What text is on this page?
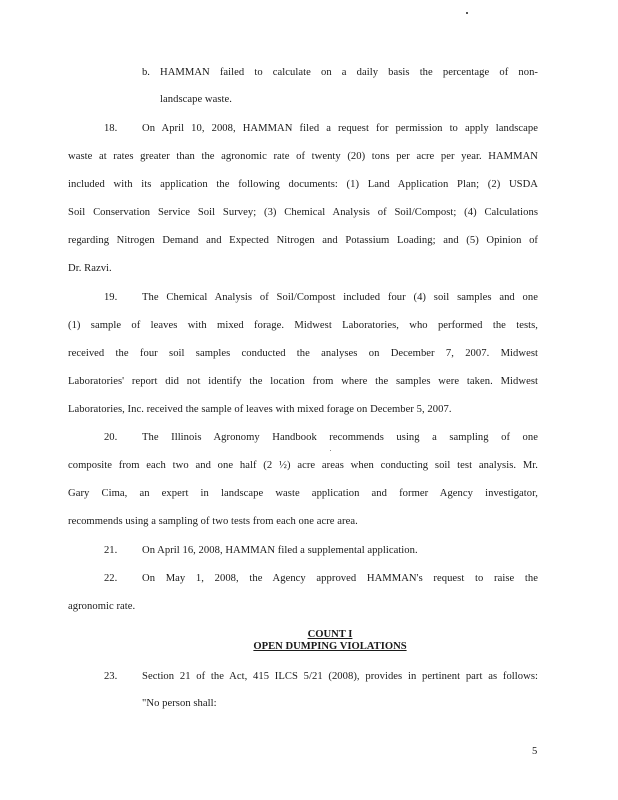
b. HAMMAN failed to calculate on a daily basis the percentage of non-
landscape waste.
18. On April 10, 2008, HAMMAN filed a request for permission to apply landscape
waste at rates greater than the agronomic rate of twenty (20) tons per acre per year. HAMMAN
included with its application the following documents: (1) Land Application Plan; (2) USDA
Soil Conservation Service Soil Survey; (3) Chemical Analysis of Soil/Compost; (4) Calculations
regarding Nitrogen Demand and Expected Nitrogen and Potassium Loading; and (5) Opinion of
Dr. Razvi.
19. The Chemical Analysis of Soil/Compost included four (4) soil samples and one
(1) sample of leaves with mixed forage. Midwest Laboratories, who performed the tests,
received the four soil samples conducted the analyses on December 7, 2007. Midwest
Laboratories' report did not identify the location from where the samples were taken. Midwest
Laboratories, Inc. received the sample of leaves with mixed forage on December 5, 2007.
20. The Illinois Agronomy Handbook recommends using a sampling of one
composite from each two and one half (2 ½) acre areas when conducting soil test analysis. Mr.
Gary Cima, an expert in landscape waste application and former Agency investigator,
recommends using a sampling of two tests from each one acre area.
21. On April 16, 2008, HAMMAN filed a supplemental application.
22. On May 1, 2008, the Agency approved HAMMAN's request to raise the
agronomic rate.
COUNT I
OPEN DUMPING VIOLATIONS
23. Section 21 of the Act, 415 ILCS 5/21 (2008), provides in pertinent part as follows:
"No person shall:
5
